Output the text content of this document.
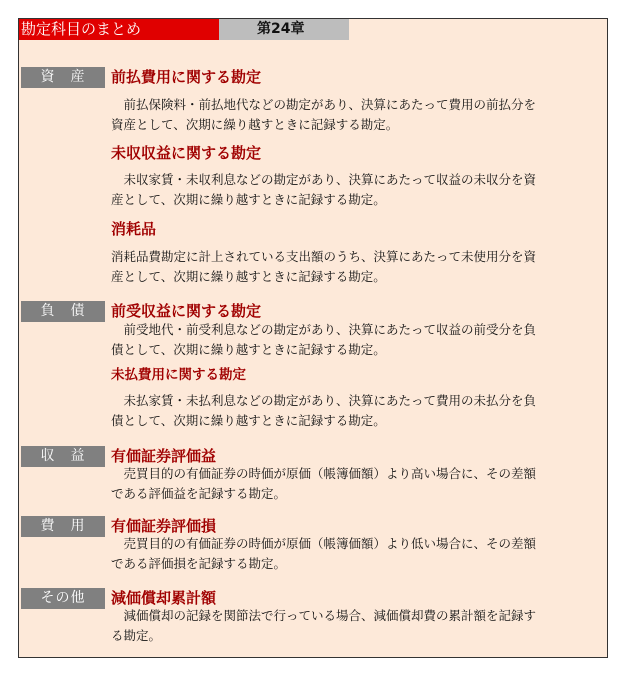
勘定科目のまとめ	第24章
資　産	前払費用に関する勘定
　前払保険料・前払地代などの勘定があり、決算にあたって費用の前払分を
資産として、次期に繰り越すときに記録する勘定。
未収収益に関する勘定
　未収家賃・未収利息などの勘定があり、決算にあたって収益の未収分を資
産として、次期に繰り越すときに記録する勘定。
消耗品
消耗品費勘定に計上されている支出額のうち、決算にあたって未使用分を資
産として、次期に繰り越すときに記録する勘定。
負　債	前受収益に関する勘定
　前受地代・前受利息などの勘定があり、決算にあたって収益の前受分を負
債として、次期に繰り越すときに記録する勘定。
未払費用に関する勘定
　未払家賃・未払利息などの勘定があり、決算にあたって費用の未払分を負
債として、次期に繰り越すときに記録する勘定。
収　益	有価証券評価益
　売買目的の有価証券の時価が原価（帳簿価額）より高い場合に、その差額
である評価益を記録する勘定。
費　用	有価証券評価損
　売買目的の有価証券の時価が原価（帳簿価額）より低い場合に、その差額
である評価損を記録する勘定。
その他	減価償却累計額
　減価償却の記録を関節法で行っている場合、減価償却費の累計額を記録す
る勘定。
